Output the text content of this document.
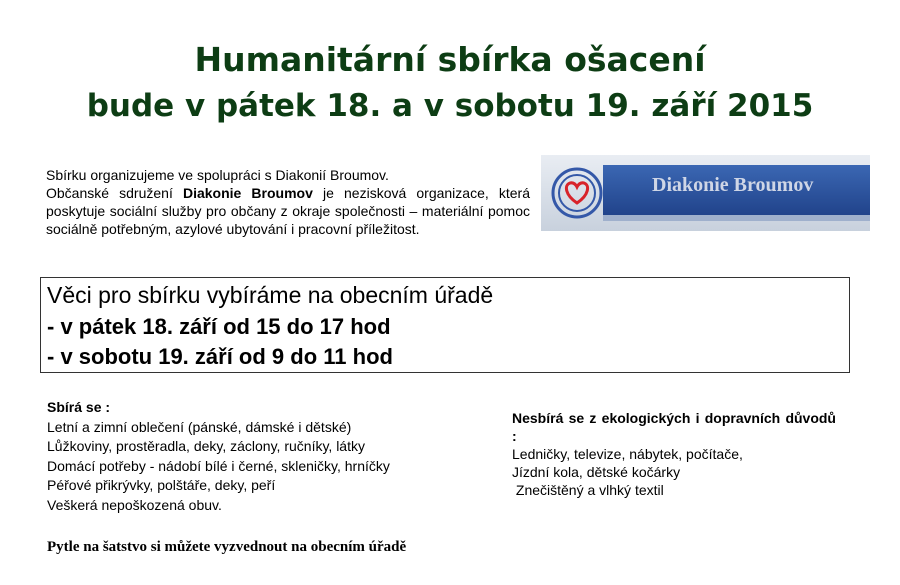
Humanitární sbírka ošacení
bude v pátek 18. a v sobotu 19. září 2015

Sbírku organizujeme ve spolupráci s Diakonií Broumov.

Občanské sdružení Diakonie Broumov je nezisková organizace, která poskytuje sociální služby pro občany z okraje společnosti – materiální pomoc sociálně potřebným, azylové ubytování i pracovní příležitost.

Diakonie Broumov
Věci pro sbírku vybíráme na obecním úřadě
- v pátek 18. září od 15 do 17 hod
- v sobotu 19. září od 9 do 11 hod
Sbírá se :
Letní a zimní oblečení (pánské, dámské i dětské)
Lůžkoviny, prostěradla, deky, záclony, ručníky, látky
Domácí potřeby - nádobí bílé i černé, skleničky, hrníčky
Péřové přikrývky, polštáře, deky, peří
Veškerá nepoškozená obuv.
Nesbírá se z ekologických i dopravních důvodů :
Ledničky, televize, nábytek, počítače,
Jízdní kola, dětské kočárky
Znečištěný a vlhký textil
Pytle na šatstvo si můžete vyzvednout na obecním úřadě
